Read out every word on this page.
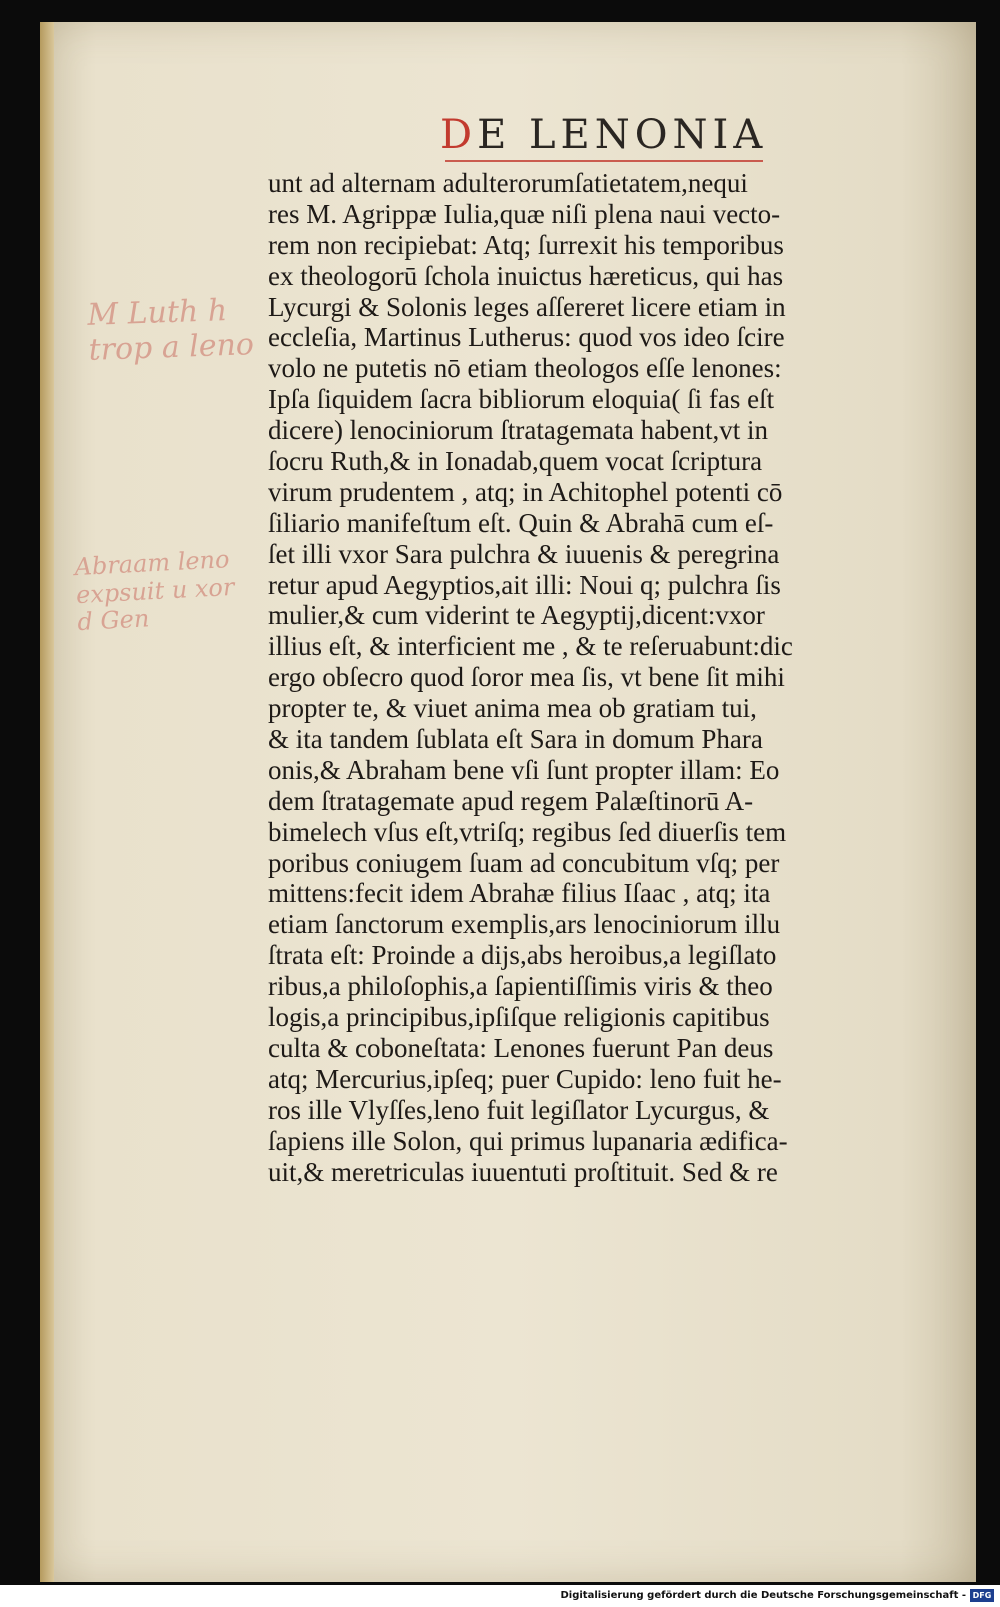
DE LENONIA
M Luth h
trop a leno
Abraam leno
expsuit u xor
d Gen
unt ad alternam adulterorumſatietatem,nequi
res M. Agrippæ Iulia,quæ niſi plena naui vecto-
rem non recipiebat: Atq; ſurrexit his temporibus
ex theologorū ſchola inuictus hæreticus, qui has
Lycurgi & Solonis leges aſſereret licere etiam in
eccleſia, Martinus Lutherus: quod vos ideo ſcire
volo ne putetis nō etiam theologos eſſe lenones:
Ipſa ſiquidem ſacra bibliorum eloquia( ſi fas eſt
dicere) lenociniorum ſtratagemata habent,vt in
ſocru Ruth,& in Ionadab,quem vocat ſcriptura
virum prudentem , atq; in Achitophel potenti cō
ſiliario manifeſtum eſt. Quin & Abrahā cum eſ-
ſet illi vxor Sara pulchra & iuuenis & peregrina
retur apud Aegyptios,ait illi: Noui q; pulchra ſis
mulier,& cum viderint te Aegyptij,dicent:vxor
illius eſt, & interficient me , & te reſeruabunt:dic
ergo obſecro quod ſoror mea ſis, vt bene ſit mihi
propter te, & viuet anima mea ob gratiam tui,
& ita tandem ſublata eſt Sara in domum Phara
onis,& Abraham bene vſi ſunt propter illam: Eo
dem ſtratagemate apud regem Palæſtinorū A-
bimelech vſus eſt,vtriſq; regibus ſed diuerſis tem
poribus coniugem ſuam ad concubitum vſq; per
mittens:fecit idem Abrahæ filius Iſaac , atq; ita
etiam ſanctorum exemplis,ars lenociniorum illu
ſtrata eſt: Proinde a dijs,abs heroibus,a legiſlato
ribus,a philoſophis,a ſapientiſſimis viris & theo
logis,a principibus,ipſiſque religionis capitibus
culta & coboneſtata: Lenones fuerunt Pan deus
atq; Mercurius,ipſeq; puer Cupido: leno fuit he-
ros ille Vlyſſes,leno fuit legiſlator Lycurgus, &
ſapiens ille Solon, qui primus lupanaria ædifica-
uit,& meretriculas iuuentuti proſtituit. Sed & re
Digitalisierung gefördert durch die Deutsche Forschungsgemeinschaft - DFG
